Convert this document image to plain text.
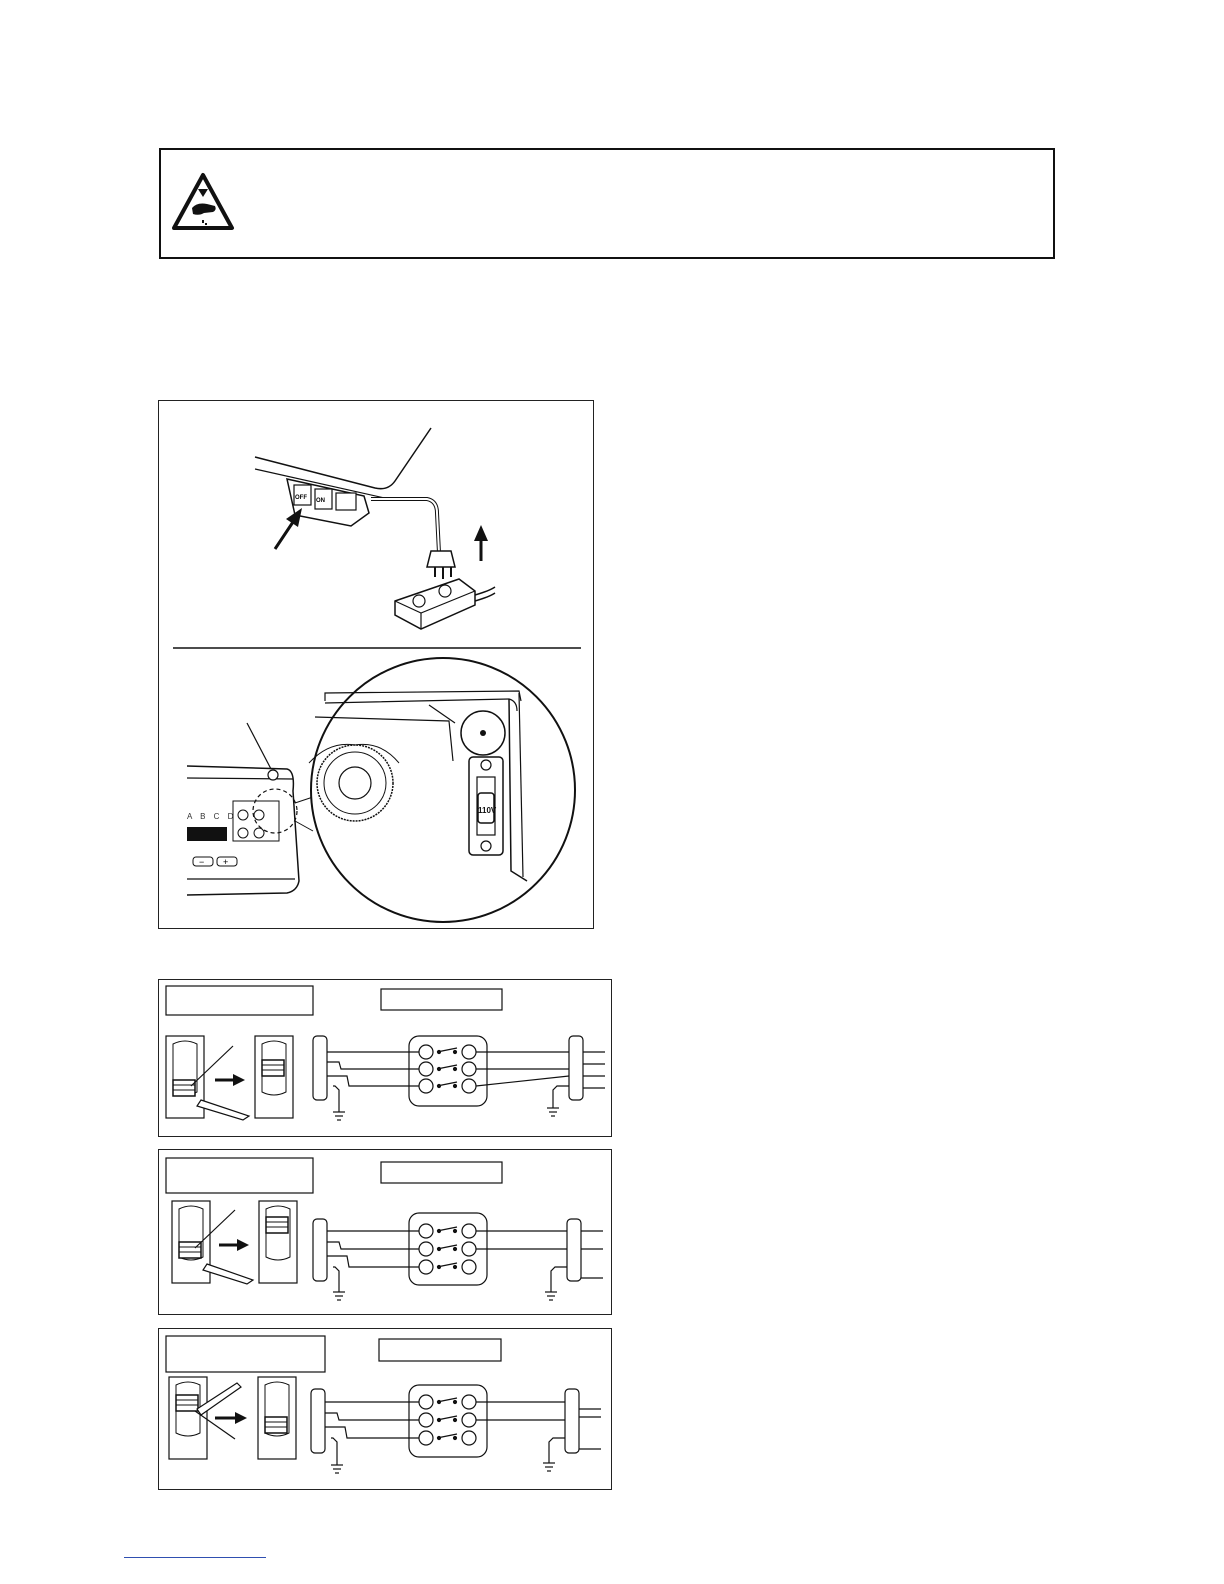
OFF ON
A B C D
− +
110V
